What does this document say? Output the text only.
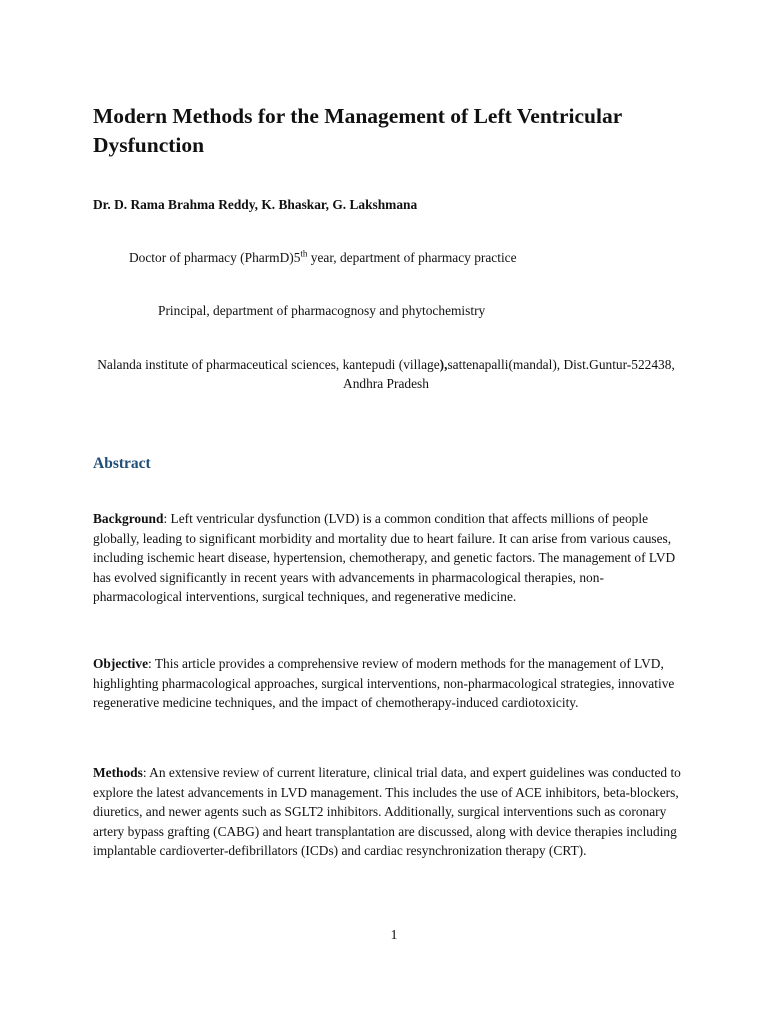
Modern Methods for the Management of Left Ventricular Dysfunction

Dr. D. Rama Brahma Reddy, K. Bhaskar, G. Lakshmana

Doctor of pharmacy (PharmD)5th year, department of pharmacy practice

Principal, department of pharmacognosy and phytochemistry

Nalanda institute of pharmaceutical sciences, kantepudi (village),sattenapalli(mandal), Dist.Guntur-522438, Andhra Pradesh

Abstract

Background: Left ventricular dysfunction (LVD) is a common condition that affects millions of people globally, leading to significant morbidity and mortality due to heart failure. It can arise from various causes, including ischemic heart disease, hypertension, chemotherapy, and genetic factors. The management of LVD has evolved significantly in recent years with advancements in pharmacological therapies, non-pharmacological interventions, surgical techniques, and regenerative medicine.

Objective: This article provides a comprehensive review of modern methods for the management of LVD, highlighting pharmacological approaches, surgical interventions, non-pharmacological strategies, innovative regenerative medicine techniques, and the impact of chemotherapy-induced cardiotoxicity.

Methods: An extensive review of current literature, clinical trial data, and expert guidelines was conducted to explore the latest advancements in LVD management. This includes the use of ACE inhibitors, beta-blockers, diuretics, and newer agents such as SGLT2 inhibitors. Additionally, surgical interventions such as coronary artery bypass grafting (CABG) and heart transplantation are discussed, along with device therapies including implantable cardioverter-defibrillators (ICDs) and cardiac resynchronization therapy (CRT).

1
